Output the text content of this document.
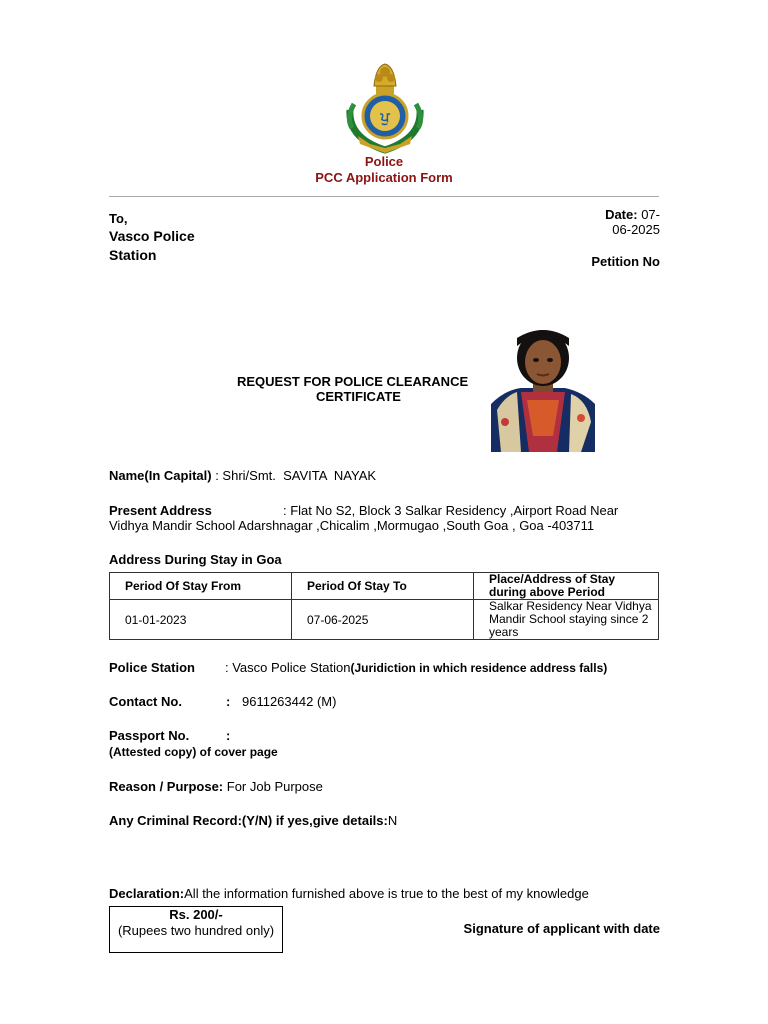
ਪੁ
Police
PCC Application Form
To,
Vasco Police
Station
Date: 07-
06-2025
Petition No
REQUEST FOR POLICE CLEARANCE
CERTIFICATE
Name(In Capital) : Shri/Smt.  SAVITA  NAYAK
Present Address	: Flat No S2, Block 3 Salkar Residency ,Airport Road Near
Vidhya Mandir School Adarshnagar ,Chicalim ,Mormugao ,South Goa , Goa -403711
Address During Stay in Goa
Period Of Stay From	Period Of Stay To	Place/Address of Stay during above Period
01-01-2023	07-06-2025	Salkar Residency Near Vidhya Mandir School staying since 2 years
Police Station : Vasco Police Station(Juridiction in which residence address falls)
Contact No.	: 9611263442 (M)
Passport No.	:
(Attested copy) of cover page
Reason / Purpose: For Job Purpose
Any Criminal Record:(Y/N) if yes,give details:N
Declaration:All the information furnished above is true to the best of my knowledge
Rs. 200/-
(Rupees two hundred only)	Signature of applicant with date
